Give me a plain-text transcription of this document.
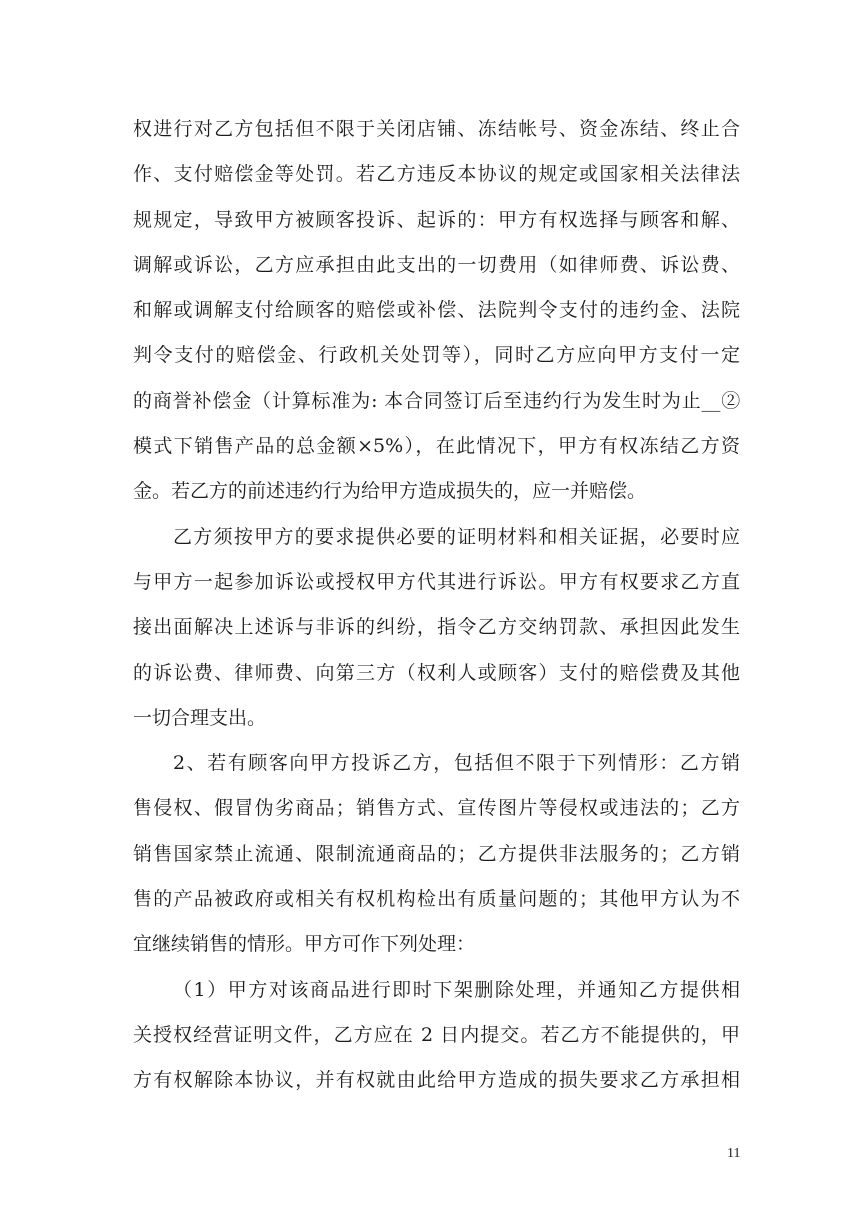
权进行对乙方包括但不限于关闭店铺、冻结帐号、资金冻结、终止合
作、支付赔偿金等处罚。若乙方违反本协议的规定或国家相关法律法
规规定，导致甲方被顾客投诉、起诉的：甲方有权选择与顾客和解、
调解或诉讼，乙方应承担由此支出的一切费用（如律师费、诉讼费、
和解或调解支付给顾客的赔偿或补偿、法院判令支付的违约金、法院
判令支付的赔偿金、行政机关处罚等），同时乙方应向甲方支付一定
的商誉补偿金（计算标准为: 本合同签订后至违约行为发生时为止__②
模式下销售产品的总金额×5%），在此情况下，甲方有权冻结乙方资
金。若乙方的前述违约行为给甲方造成损失的，应一并赔偿。
乙方须按甲方的要求提供必要的证明材料和相关证据，必要时应
与甲方一起参加诉讼或授权甲方代其进行诉讼。甲方有权要求乙方直
接出面解决上述诉与非诉的纠纷，指令乙方交纳罚款、承担因此发生
的诉讼费、律师费、向第三方（权利人或顾客）支付的赔偿费及其他
一切合理支出。
2、若有顾客向甲方投诉乙方，包括但不限于下列情形：乙方销
售侵权、假冒伪劣商品；销售方式、宣传图片等侵权或违法的；乙方
销售国家禁止流通、限制流通商品的；乙方提供非法服务的；乙方销
售的产品被政府或相关有权机构检出有质量问题的；其他甲方认为不
宜继续销售的情形。甲方可作下列处理：
（1）甲方对该商品进行即时下架删除处理，并通知乙方提供相
关授权经营证明文件，乙方应在 2 日内提交。若乙方不能提供的，甲
方有权解除本协议，并有权就由此给甲方造成的损失要求乙方承担相
11
